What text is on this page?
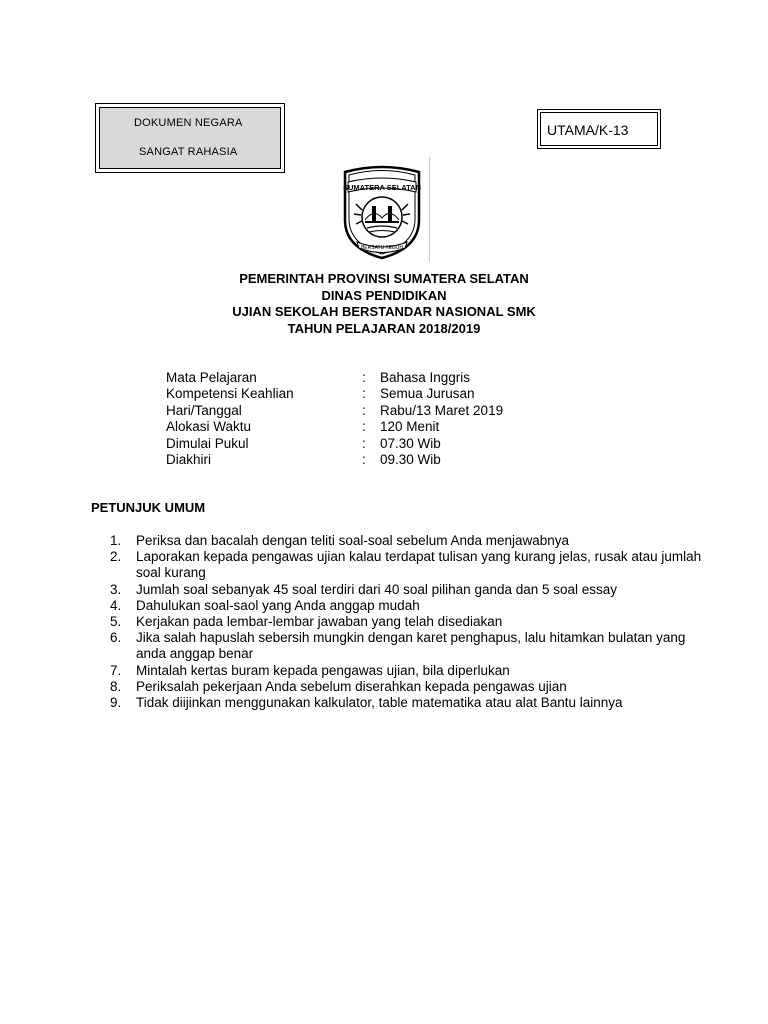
DOKUMEN NEGARA
SANGAT RAHASIA
UTAMA/K-13
SUMATERA SELATAN
BERSATU TEGUH
PEMERINTAH PROVINSI SUMATERA SELATAN
DINAS PENDIDIKAN
UJIAN SEKOLAH BERSTANDAR NASIONAL SMK
TAHUN PELAJARAN 2018/2019
Mata Pelajaran	: Bahasa Inggris
Kompetensi Keahlian	: Semua Jurusan
Hari/Tanggal	: Rabu/13 Maret 2019
Alokasi Waktu	: 120 Menit
Dimulai Pukul	: 07.30 Wib
Diakhiri	: 09.30 Wib
PETUNJUK UMUM
1. Periksa dan bacalah dengan teliti soal-soal sebelum Anda menjawabnya
2. Laporakan kepada pengawas ujian kalau terdapat tulisan yang kurang jelas, rusak atau jumlah soal kurang
3. Jumlah soal sebanyak 45 soal terdiri dari 40 soal pilihan ganda dan 5 soal essay
4. Dahulukan soal-saol yang Anda anggap mudah
5. Kerjakan pada lembar-lembar jawaban yang telah disediakan
6. Jika salah hapuslah sebersih mungkin dengan karet penghapus, lalu hitamkan bulatan yang anda anggap benar
7. Mintalah kertas buram kepada pengawas ujian, bila diperlukan
8. Periksalah pekerjaan Anda sebelum diserahkan kepada pengawas ujian
9. Tidak diijinkan menggunakan kalkulator, table matematika atau alat Bantu lainnya
